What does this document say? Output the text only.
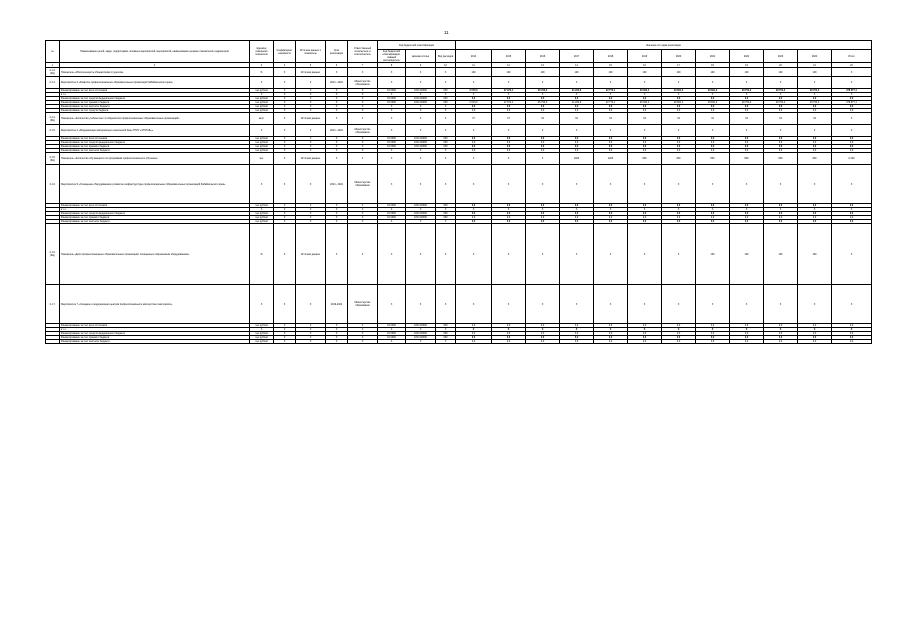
11
№	Наименование целей, задач, подпрограмм, основных мероприятий, мероприятий, наименование целевых показателей, индикаторов	Единица измерения показателя	Коэффициент значимости	Источник данных о показателе	Срок реализации	Ответственный исполнитель и соисполнитель	Код бюджетной классификации			Значение по годам реализации											
							Код бюджетной классификации: главный распорядитель	Целевая статья	Вид расходов	2014	2015	2016	2017	2018	2019	2020	2021	2022	2023	2024	Итого
1	2	3	4	5	6	7	8	9	10	11	12	13	14	15	16	17	18	19	20	21	22
2.1.3. (9Ц)	Показатель «Обеспеченность общежитиями студентов»	%	Х	Источник данных	Х	Х	Х	Х	Х	100	100	100	100	100	100	100	100	100	100	100	Х
2.1.4.	Мероприятие 3 «Развитие профессиональных образовательных организаций Забайкальского края»	Х	Х	Х	2014 - 2024	Министерство образования	Х	Х	Х	Х	Х	Х	Х	Х	Х	Х	Х	Х	Х	Х	Х
	Финансирование за счет всех источников	тыс.рублей	Х	Х	Х	Х	01 0000	1814 00000	000	2 570,0	27 972,1	26 790,0	21 204,6	22 774,1	26 394,4	29 691,2	29 691,2	29 754,2	29 754,2	29 754,2	278 677,1
	в т.ч.	Х	Х	Х	Х	Х	Х	Х	Х	Х	Х	Х	Х	Х	Х	Х	Х	Х	Х	Х	Х
	Финансирование за счет средств федерального бюджета	тыс.рублей	Х	Х	Х	Х	01 0000	1814 00000	000	0,0	0,0	0,0	0,0	0,0	0,0	0,0	0,0	0,0	0,0	0,0	0,0
	Финансирование за счет краевого бюджета	тыс.рублей	Х	Х	Х	Х	01 0000	1814 00000	000	2 570,0	27 972,1	26 790,0	21 204,6	22 774,1	26 394,4	29 691,2	29 691,2	29 754,2	29 754,2	29 754,2	278 677,1
	Финансирование за счет местного бюджета	тыс.рублей	Х	Х	Х	Х	Х	Х	Х	0,0	0,0	0,0	0,0	0,0	0,0	0,0	0,0	0,0	0,0	0,0	0,0
	Финансирование за счет средств бюджета	тыс.рублей	Х	Х	Х	Х	Х	Х	Х	0,0	0,0	0,0	0,0	0,0	0,0	0,0	0,0	0,0	0,0	0,0	0,0
2.1.4. (9Ц)	Показатель «Количество учебных мест в общежитиях профессиональных образовательных организаций»	мест	Х	Источник данных	Х	Х	Х	Х	Х	37	37	33	33	43	43	43	43	43	43	43	Х
2.1.5.	Мероприятие 4 «Модернизация материально-технической базы ГПОУ «ЧТОТиБ»»	Х	Х	Х	2014 - 2024	Министерство образования	Х	Х	Х	Х	Х	Х	Х	Х	Х	Х	Х	Х	Х	Х	Х
	Финансирование за счет всех источников	тыс.рублей	Х	Х	Х	Х	01 0000	1814 00000	000	0,0	0,0	0,0	0,0	0,0	0,0	0,0	0,0	0,0	0,0	0,0	0,0
	Финансирование за счет средств федерального бюджета	тыс.рублей	Х	Х	Х	Х	01 0000	1814 00000	000	0,0	0,0	0,0	0,0	0,0	0,0	0,0	0,0	0,0	0,0	0,0	0,0
	Финансирование за счет краевого бюджета	тыс.рублей	Х	Х	Х	Х	01 0000	1814 00000	000	0,0	0,0	0,0	0,0	0,0	0,0	0,0	0,0	0,0	0,0	0,0	0,0
	Финансирование за счет местного бюджета	тыс.рублей	Х	Х	Х	Х	Х	Х	Х	0,0	0,0	0,0	0,0	0,0	0,0	0,0	0,0	0,0	0,0	0,0	0,0
2.1.5. (9Ц)	Показатель «Количество обучающихся по программам профессионального обучения»	чел.	Х	Источник данных	Х	Х	Х	Х	Х	Х	Х	Х	1000	1200	800	800	800	800	800	800	6 200
2.1.6.	Мероприятие 5 «Оснащение оборудованием и развитие инфраструктуры профессиональных образовательных организаций Забайкальского края»	Х	Х	Х	2014 - 2024	Министерство образования	Х	Х	Х	Х	Х	Х	Х	Х	Х	Х	Х	Х	Х	Х	Х
	Финансирование за счет всех источников	тыс.рублей	Х	Х	Х	Х	01 0000	1814 00000	000	0,0	0,0	0,0	0,0	0,0	0,0	0,0	0,0	0,0	0,0	0,0	0,0
	в т.ч.	Х	Х	Х	Х	Х	Х	Х	Х	Х	Х	Х	Х	Х	Х	Х	Х	Х	Х	Х	Х
	Финансирование за счет средств федерального бюджета	тыс.рублей	Х	Х	Х	Х	01 0000	1814 00000	000	0,0	0,0	0,0	0,0	0,0	0,0	0,0	0,0	0,0	0,0	0,0	0,0
	Финансирование за счет краевого бюджета	тыс.рублей	Х	Х	Х	Х	01 0000	1814 00000	000	0,0	0,0	0,0	0,0	0,0	0,0	0,0	0,0	0,0	0,0	0,0	0,0
	Финансирование за счет местного бюджета	тыс.рублей	Х	Х	Х	Х	Х	Х	Х	0,0	0,0	0,0	0,0	0,0	0,0	0,0	0,0	0,0	0,0	0,0	0,0
2.1.6. (9Ц)	Показатель «Доля профессиональных образовательных организаций, оснащенных современным оборудованием»	%	Х	Источник данных	Х	Х	Х	Х	Х	Х	Х	Х	Х	Х	Х	Х	100	100	100	100	Х
2.1.7.	Мероприятие 7 «Создание и модернизация центров профессионального мастерства и мастерских»	Х	Х	Х	2019-2024	Министерство образования	Х	Х	Х	Х	Х	Х	Х	Х	Х	Х	Х	Х	Х	Х	Х
	Финансирование за счет всех источников	тыс.рублей	Х	Х	Х	Х	01 0000	1814 00000	000	0,0	0,0	0,0	0,0	0,0	0,0	0,0	0,0	0,0	0,0	0,0	0,0
	в т.ч.	Х	Х	Х	Х	Х	Х	Х	Х	Х	Х	Х	Х	Х	Х	Х	Х	Х	Х	Х	Х
	Финансирование за счет средств федерального бюджета	тыс.рублей	Х	Х	Х	Х	01 0000	1814 00000	000	0,0	0,0	0,0	0,0	0,0	0,0	0,0	0,0	0,0	0,0	0,0	0,0
	Финансирование за счет краевого бюджета	тыс.рублей	Х	Х	Х	Х	01 0000	1814 00000	000	0,0	0,0	0,0	0,0	0,0	0,0	0,0	0,0	0,0	0,0	0,0	0,0
	Финансирование за счет местного бюджета	тыс.рублей	Х	Х	Х	Х	Х	Х	Х	0,0	0,0	0,0	0,0	0,0	0,0	0,0	0,0	0,0	0,0	0,0	0,0
